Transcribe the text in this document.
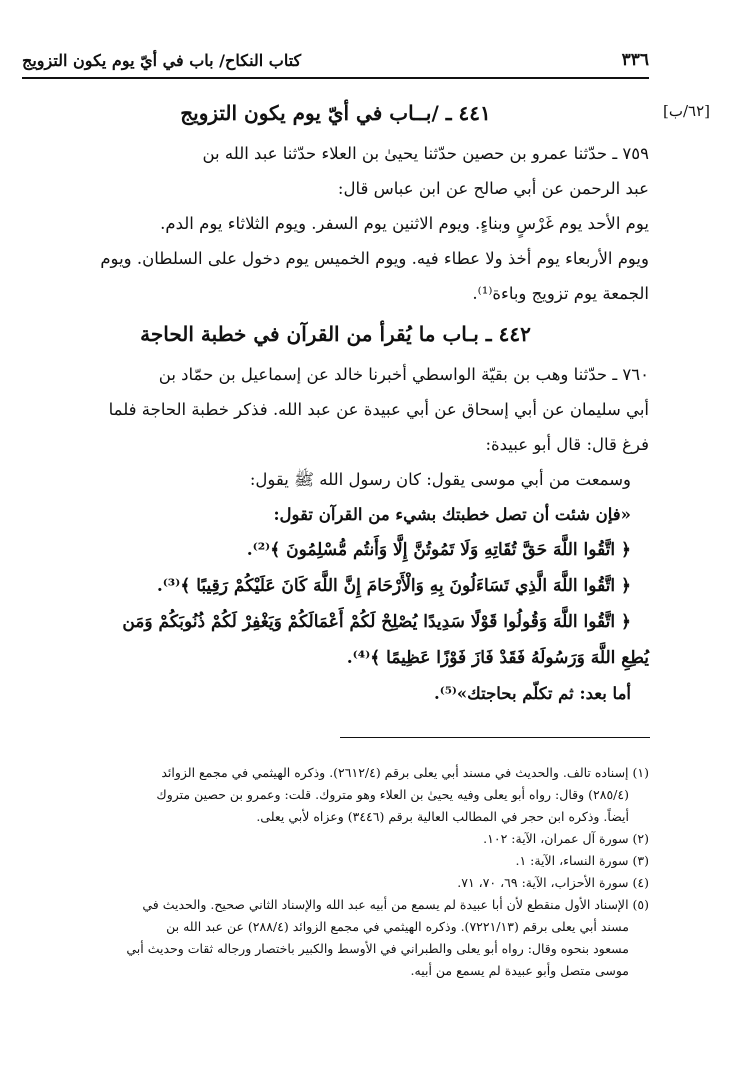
كتاب النكاح/ باب في أيّ يوم يكون التزويج	٣٣٦
[٦٢/ب]
٤٤١ ـ /بــاب في أيّ يوم يكون التزويج
٧٥٩ ـ حدّثنا عمرو بن حصين حدّثنا يحيىٰ بن العلاء حدّثنا عبد الله بن
عبد الرحمن عن أبي صالح عن ابن عباس قال:
يوم الأحد يوم غَرْسٍ وبناءٍ. ويوم الاثنين يوم السفر. ويوم الثلاثاء يوم الدم.
ويوم الأربعاء يوم أخذ ولا عطاء فيه. ويوم الخميس يوم دخول على السلطان. ويوم
الجمعة يوم تزويج وباءة⁽¹⁾.
٤٤٢ ـ بـاب ما يُقرأ من القرآن في خطبة الحاجة
٧٦٠ ـ حدّثنا وهب بن بقيّة الواسطي أخبرنا خالد عن إسماعيل بن حمّاد بن
أبي سليمان عن أبي إسحاق عن أبي عبيدة عن عبد الله. فذكر خطبة الحاجة فلما
فرغ قال: قال أبو عبيدة:
وسمعت من أبي موسى يقول: كان رسول الله ﷺ يقول:
«فإن شئت أن تصل خطبتك بشيء من القرآن تقول:
﴿ اتَّقُوا اللَّهَ حَقَّ تُقَاتِهِ وَلَا تَمُوتُنَّ إِلَّا وَأَنتُم مُّسْلِمُونَ ﴾⁽²⁾.
﴿ اتَّقُوا اللَّهَ الَّذِي تَسَاءَلُونَ بِهِ وَالْأَرْحَامَ إِنَّ اللَّهَ كَانَ عَلَيْكُمْ رَقِيبًا ﴾⁽³⁾.
﴿ اتَّقُوا اللَّهَ وَقُولُوا قَوْلًا سَدِيدًا يُصْلِحْ لَكُمْ أَعْمَالَكُمْ وَيَغْفِرْ لَكُمْ ذُنُوبَكُمْ وَمَن
يُطِعِ اللَّهَ وَرَسُولَهُ فَقَدْ فَازَ فَوْزًا عَظِيمًا ﴾⁽⁴⁾.
أما بعد: ثم تكلّم بحاجتك»⁽⁵⁾.
(١) إسناده تالف. والحديث في مسند أبي يعلى برقم (٢٦١٢/٤). وذكره الهيثمي في مجمع الزوائد
(٢٨٥/٤) وقال: رواه أبو يعلى وفيه يحيىٰ بن العلاء وهو متروك. قلت: وعمرو بن حصين متروك
أيضاً. وذكره ابن حجر في المطالب العالية برقم (٣٤٤٦) وعزاه لأبي يعلى.
(٢) سورة آل عمران، الآية: ١٠٢.
(٣) سورة النساء، الآية: ١.
(٤) سورة الأحزاب، الآية: ٦٩، ٧٠، ٧١.
(٥) الإسناد الأول منقطع لأن أبا عبيدة لم يسمع من أبيه عبد الله والإسناد الثاني صحيح. والحديث في
مسند أبي يعلى برقم (٧٢٢١/١٣). وذكره الهيثمي في مجمع الزوائد (٢٨٨/٤) عن عبد الله بن
مسعود بنحوه وقال: رواه أبو يعلى والطبراني في الأوسط والكبير باختصار ورجاله ثقات وحديث أبي
موسى متصل وأبو عبيدة لم يسمع من أبيه.
